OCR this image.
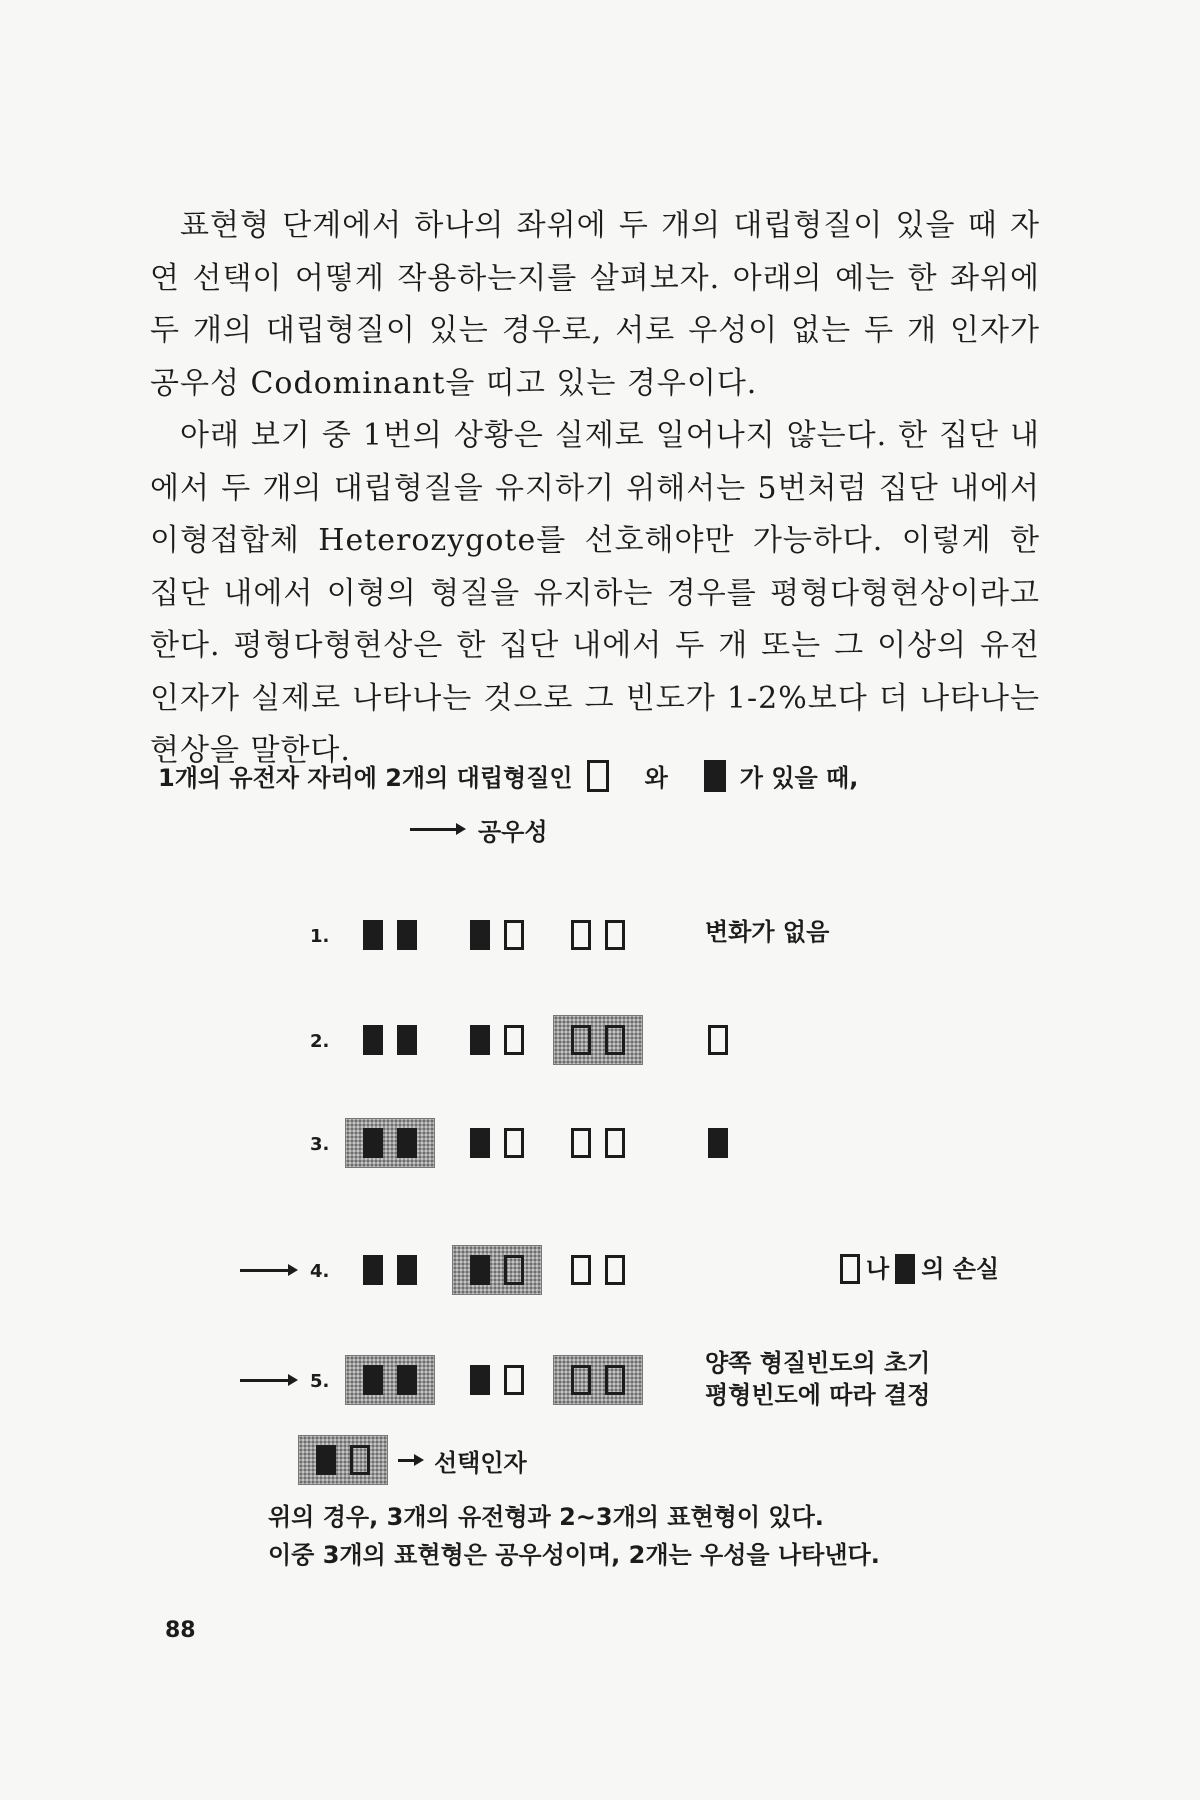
표현형 단계에서 하나의 좌위에 두 개의 대립형질이 있을 때 자연 선택이 어떻게 작용하는지를 살펴보자. 아래의 예는 한 좌위에 두 개의 대립형질이 있는 경우로, 서로 우성이 없는 두 개 인자가 공우성 Codominant을 띠고 있는 경우이다.

아래 보기 중 1번의 상황은 실제로 일어나지 않는다. 한 집단 내에서 두 개의 대립형질을 유지하기 위해서는 5번처럼 집단 내에서 이형접합체 Heterozygote를 선호해야만 가능하다. 이렇게 한 집단 내에서 이형의 형질을 유지하는 경우를 평형다형현상이라고 한다. 평형다형현상은 한 집단 내에서 두 개 또는 그 이상의 유전인자가 실제로 나타나는 것으로 그 빈도가 1-2%보다 더 나타나는 현상을 말한다.

1개의 유전자 자리에 2개의 대립형질인	와	가 있을 때,
공우성
1.	변화가 없음
2.
3.
4.	나 의 손실
5.
양쪽 형질빈도의 초기
평형빈도에 따라 결정
선택인자

위의 경우, 3개의 유전형과 2~3개의 표현형이 있다.

이중 3개의 표현형은 공우성이며, 2개는 우성을 나타낸다.

88
